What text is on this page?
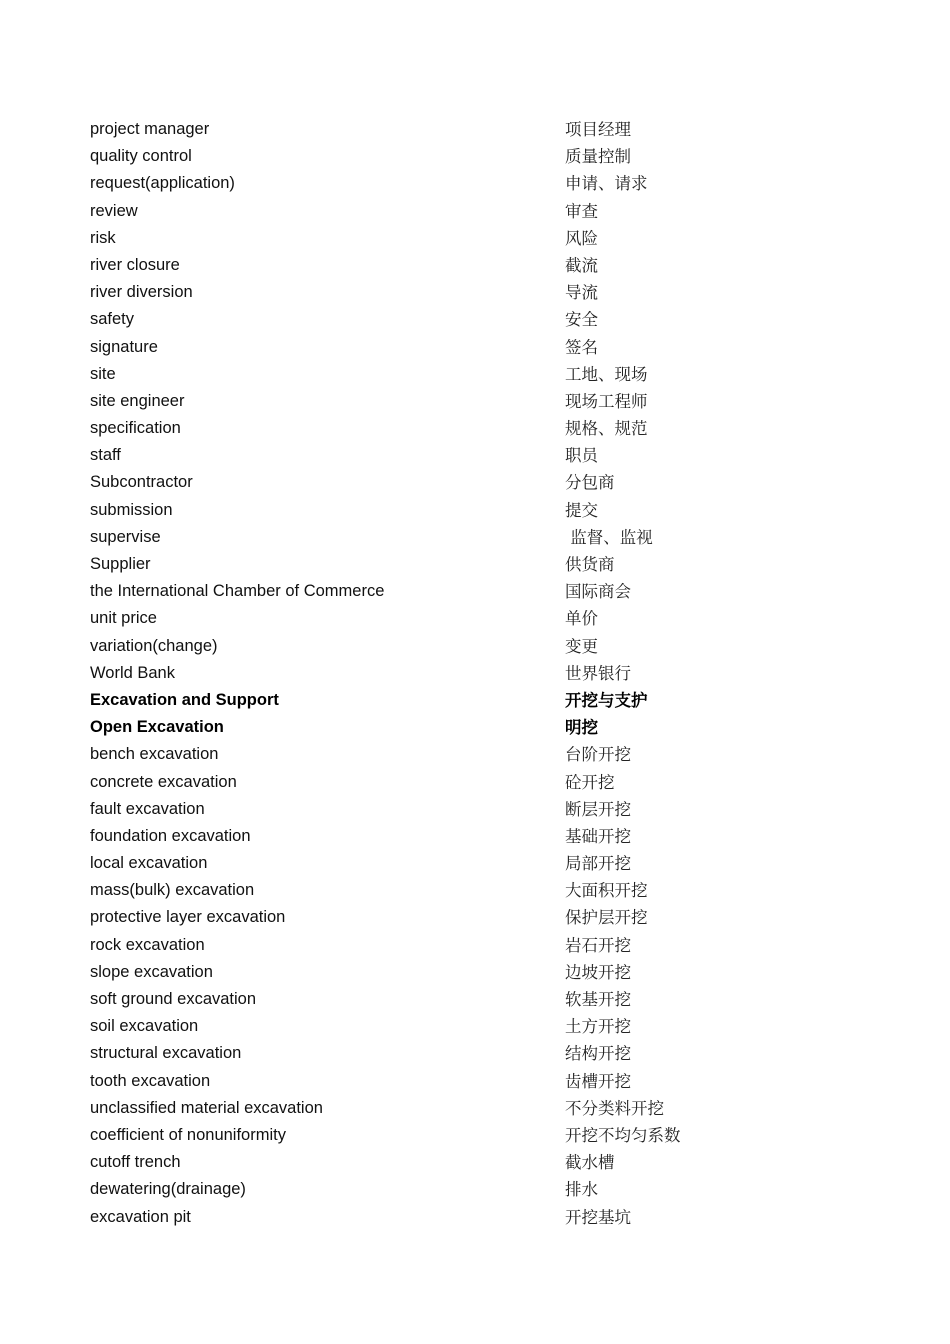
project manager	项目经理
quality control	质量控制
request(application)	申请、请求
review	审查
risk	风险
river closure	截流
river diversion	导流
safety	安全
signature	签名
site	工地、现场
site engineer	现场工程师
specification	规格、规范
staff	职员
Subcontractor	分包商
submission	提交
supervise	监督、监视
Supplier	供货商
the International Chamber of Commerce	国际商会
unit price	单价
variation(change)	变更
World Bank	世界银行
Excavation and Support	开挖与支护
Open Excavation	明挖
bench excavation	台阶开挖
concrete excavation	砼开挖
fault excavation	断层开挖
foundation excavation	基础开挖
local excavation	局部开挖
mass(bulk) excavation	大面积开挖
protective layer excavation	保护层开挖
rock excavation	岩石开挖
slope excavation	边坡开挖
soft ground excavation	软基开挖
soil excavation	土方开挖
structural excavation	结构开挖
tooth excavation	齿槽开挖
unclassified material excavation	不分类料开挖
coefficient of nonuniformity	开挖不均匀系数
cutoff trench	截水槽
dewatering(drainage)	排水
excavation pit	开挖基坑
